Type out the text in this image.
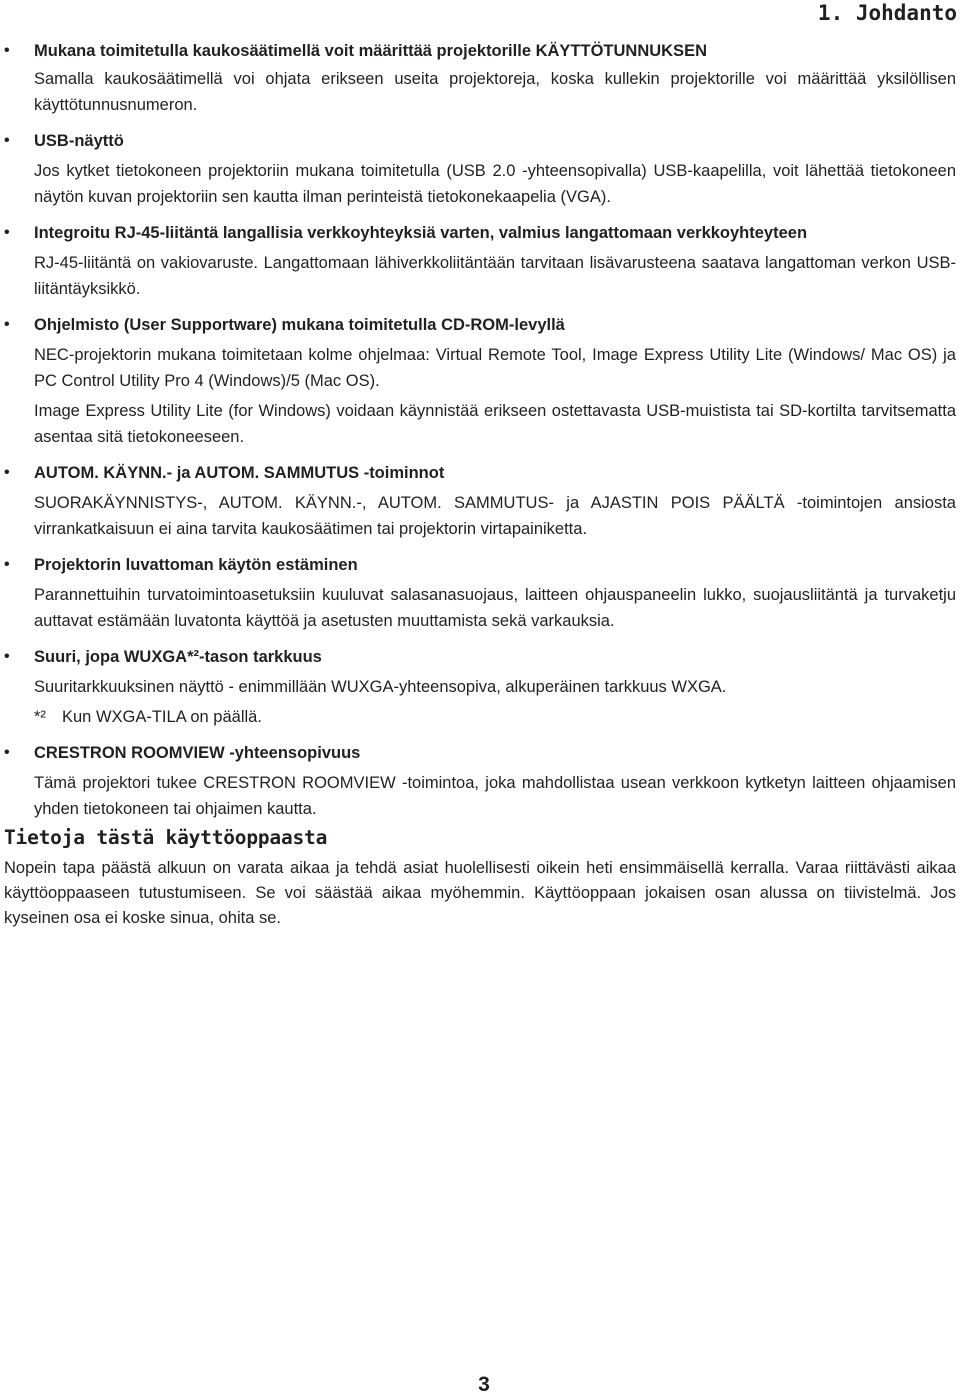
1. Johdanto
• Mukana toimitetulla kaukosäätimellä voit määrittää projektorille KÄYTTÖTUNNUKSEN
Samalla kaukosäätimellä voi ohjata erikseen useita projektoreja, koska kullekin projektorille voi määrittää yksilöllisen käyttötunnusnumeron.
• USB-näyttö
Jos kytket tietokoneen projektoriin mukana toimitetulla (USB 2.0 -yhteensopivalla) USB-kaapelilla, voit lähettää tietokoneen näytön kuvan projektoriin sen kautta ilman perinteistä tietokonekaapelia (VGA).
• Integroitu RJ-45-liitäntä langallisia verkkoyhteyksiä varten, valmius langattomaan verkkoyhteyteen
RJ-45-liitäntä on vakiovaruste. Langattomaan lähiverkkoliitäntään tarvitaan lisävarusteena saatava langattoman verkon USB-liitäntäyksikkö.
• Ohjelmisto (User Supportware) mukana toimitetulla CD-ROM-levyllä
NEC-projektorin mukana toimitetaan kolme ohjelmaa: Virtual Remote Tool, Image Express Utility Lite (Windows/ Mac OS) ja PC Control Utility Pro 4 (Windows)/5 (Mac OS).
Image Express Utility Lite (for Windows) voidaan käynnistää erikseen ostettavasta USB-muistista tai SD-kortilta tarvitsematta asentaa sitä tietokoneeseen.
• AUTOM. KÄYNN.- ja AUTOM. SAMMUTUS -toiminnot
SUORAKÄYNNISTYS-, AUTOM. KÄYNN.-, AUTOM. SAMMUTUS- ja AJASTIN POIS PÄÄLTÄ -toimintojen ansiosta virrankatkaisuun ei aina tarvita kaukosäätimen tai projektorin virtapainiketta.
• Projektorin luvattoman käytön estäminen
Parannettuihin turvatoimintoasetuksiin kuuluvat salasanasuojaus, laitteen ohjauspaneelin lukko, suojausliitäntä ja turvaketju auttavat estämään luvatonta käyttöä ja asetusten muuttamista sekä varkauksia.
• Suuri, jopa WUXGA*²-tason tarkkuus
Suuritarkkuuksinen näyttö - enimmillään WUXGA-yhteensopiva, alkuperäinen tarkkuus WXGA.
*² Kun WXGA-TILA on päällä.
• CRESTRON ROOMVIEW -yhteensopivuus
Tämä projektori tukee CRESTRON ROOMVIEW -toimintoa, joka mahdollistaa usean verkkoon kytketyn laitteen ohjaamisen yhden tietokoneen tai ohjaimen kautta.
Tietoja tästä käyttöoppaasta
Nopein tapa päästä alkuun on varata aikaa ja tehdä asiat huolellisesti oikein heti ensimmäisellä kerralla. Varaa riittävästi aikaa käyttöoppaaseen tutustumiseen. Se voi säästää aikaa myöhemmin. Käyttöoppaan jokaisen osan alussa on tiivistelmä. Jos kyseinen osa ei koske sinua, ohita se.
3
